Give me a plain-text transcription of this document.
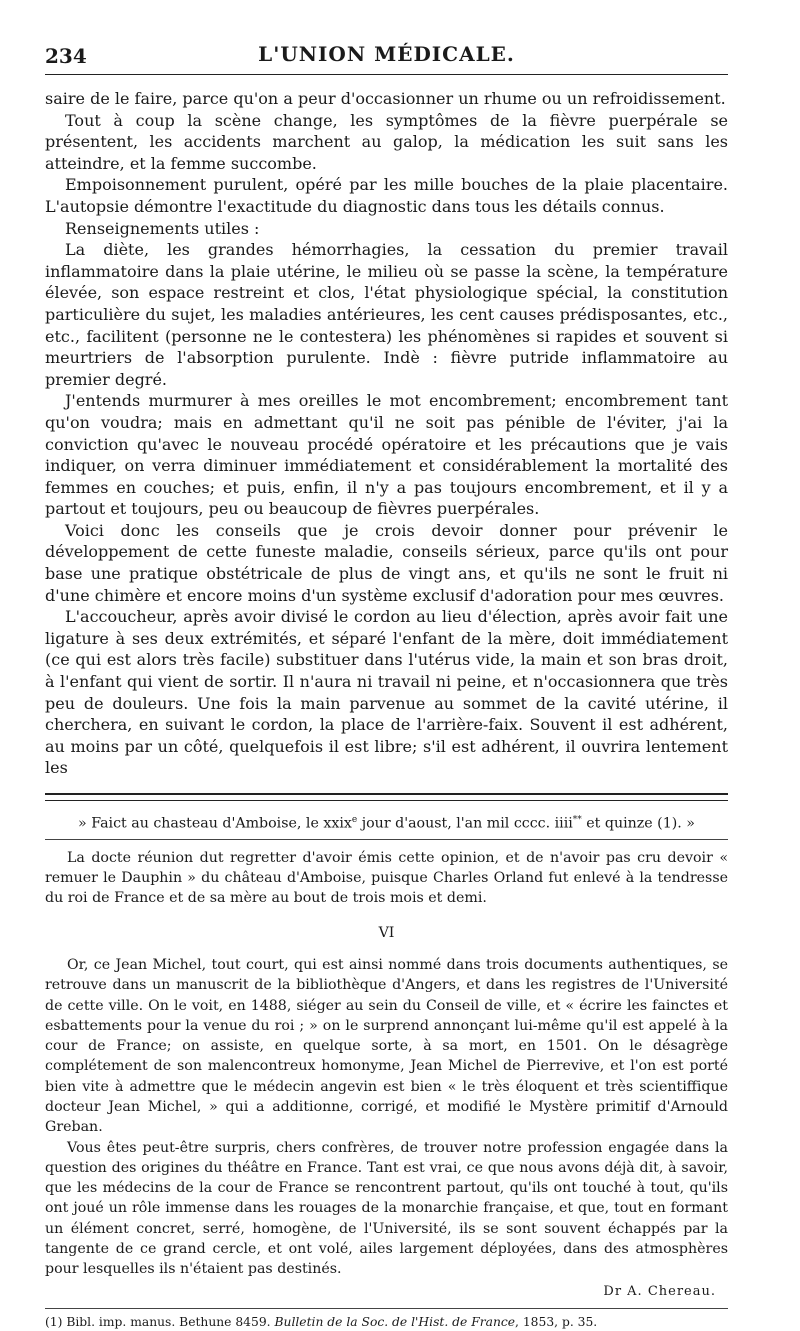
234	L'UNION MÉDICALE.

saire de le faire, parce qu'on a peur d'occasionner un rhume ou un refroidissement.

Tout à coup la scène change, les symptômes de la fièvre puerpérale se présentent, les accidents marchent au galop, la médication les suit sans les atteindre, et la femme succombe.

Empoisonnement purulent, opéré par les mille bouches de la plaie placentaire. L'autopsie démontre l'exactitude du diagnostic dans tous les détails connus.

Renseignements utiles :

La diète, les grandes hémorrhagies, la cessation du premier travail inflammatoire dans la plaie utérine, le milieu où se passe la scène, la température élevée, son espace restreint et clos, l'état physiologique spécial, la constitution particulière du sujet, les maladies antérieures, les cent causes prédisposantes, etc., etc., facilitent (personne ne le contestera) les phénomènes si rapides et souvent si meurtriers de l'absorption purulente. Indè : fièvre putride inflammatoire au premier degré.

J'entends murmurer à mes oreilles le mot encombrement; encombrement tant qu'on voudra; mais en admettant qu'il ne soit pas pénible de l'éviter, j'ai la conviction qu'avec le nouveau procédé opératoire et les précautions que je vais indiquer, on verra diminuer immédiatement et considérablement la mortalité des femmes en couches; et puis, enfin, il n'y a pas toujours encombrement, et il y a partout et toujours, peu ou beaucoup de fièvres puerpérales.

Voici donc les conseils que je crois devoir donner pour prévenir le développement de cette funeste maladie, conseils sérieux, parce qu'ils ont pour base une pratique obstétricale de plus de vingt ans, et qu'ils ne sont le fruit ni d'une chimère et encore moins d'un système exclusif d'adoration pour mes œuvres.

L'accoucheur, après avoir divisé le cordon au lieu d'élection, après avoir fait une ligature à ses deux extrémités, et séparé l'enfant de la mère, doit immédiatement (ce qui est alors très facile) substituer dans l'utérus vide, la main et son bras droit, à l'enfant qui vient de sortir. Il n'aura ni travail ni peine, et n'occasionnera que très peu de douleurs. Une fois la main parvenue au sommet de la cavité utérine, il cherchera, en suivant le cordon, la place de l'arrière-faix. Souvent il est adhérent, au moins par un côté, quelquefois il est libre; s'il est adhérent, il ouvrira lentement les

» Faict au chasteau d'Amboise, le xxix$^e$ jour d'aoust, l'an mil cccc. iiii** et quinze (1). »

La docte réunion dut regretter d'avoir émis cette opinion, et de n'avoir pas cru devoir « remuer le Dauphin » du château d'Amboise, puisque Charles Orland fut enlevé à la tendresse du roi de France et de sa mère au bout de trois mois et demi.

VI

Or, ce Jean Michel, tout court, qui est ainsi nommé dans trois documents authentiques, se retrouve dans un manuscrit de la bibliothèque d'Angers, et dans les registres de l'Université de cette ville. On le voit, en 1488, siéger au sein du Conseil de ville, et « écrire les fainctes et esbattements pour la venue du roi ; » on le surprend annonçant lui-même qu'il est appelé à la cour de France; on assiste, en quelque sorte, à sa mort, en 1501. On le désagrège complétement de son malencontreux homonyme, Jean Michel de Pierrevive, et l'on est porté bien vite à admettre que le médecin angevin est bien « le très éloquent et très scientiffique docteur Jean Michel, » qui a additionne, corrigé, et modifié le Mystère primitif d'Arnould Greban.

Vous êtes peut-être surpris, chers confrères, de trouver notre profession engagée dans la question des origines du théâtre en France. Tant est vrai, ce que nous avons déjà dit, à savoir, que les médecins de la cour de France se rencontrent partout, qu'ils ont touché à tout, qu'ils ont joué un rôle immense dans les rouages de la monarchie française, et que, tout en formant un élément concret, serré, homogène, de l'Université, ils se sont souvent échappés par la tangente de ce grand cercle, et ont volé, ailes largement déployées, dans des atmosphères pour lesquelles ils n'étaient pas destinés.

Dr A. Chereau.
(1) Bibl. imp. manus. Bethune 8459. Bulletin de la Soc. de l'Hist. de France, 1853, p. 35.
